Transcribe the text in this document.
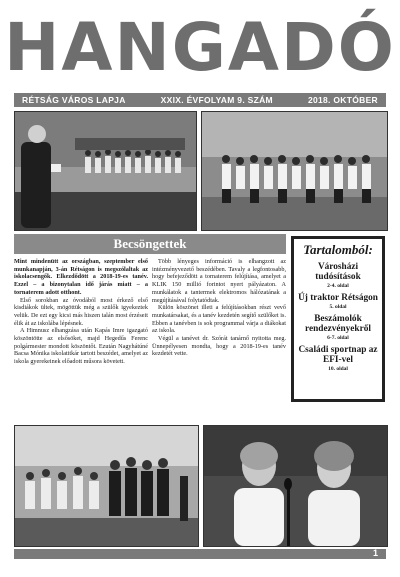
HANGADÓ
RÉTSÁG VÁROS LAPJA	XXIX. ÉVFOLYAM 9. SZÁM	2018. OKTÓBER
Becsöngettek

Mint mindenütt az országban, szeptember első munkanapján, 3-án Rétságon is megszólaltak az iskolacsengők. Elkezdődött a 2018-19-es tanév. Ezzel – a bizonytalan idő járás miatt – a tornaterem adott otthont.

Első sorokban az óvodából most érkező első kisdiákok ültek, mögöttük még a szülők igyekeztek velük. De ezt egy kicsi más hiszen talán most érzéseit élik át az iskolába lépésnek.

A Himnusz elhangzása után Kapás Imre igazgató köszöntötte az elsősöket, majd Hegedűs Ferenc polgármester mondott köszöntőt. Ezután Nagyhátúné Bacsa Mónika iskolatitkár tartott beszédet, amelyet az iskola gyerekeinek előadott műsora követett.

Több lényeges információ is elhangzott az intézményvezető beszédében. Tavaly a legfontosabb, hogy befejeződött a tornaterem felújítása, amelyet a KLIK 150 millió forintot nyert pályázaton. A munkálatok a tantermek elektromos hálózatának a megújításával folytatódtak.

Külön köszönet illeti a felújításokban részt vevő munkatársakat, és a tanév kezdetén segítő szülőket is. Ebben a tanévben is sok programmal várja a diákokat az iskola.

Végül a tanévet dr. Szórát tanárnő nyitotta meg. Ünnepélyesen mondta, hogy a 2018-19-es tanév kezdetét vette.

Tartalomból:
Városházi tudósítások
2-4. oldal
Új traktor Rétságon
5. oldal
Beszámolók rendezvényekről
6-7. oldal
Családi sportnap az EFI-vel
10. oldal
1
